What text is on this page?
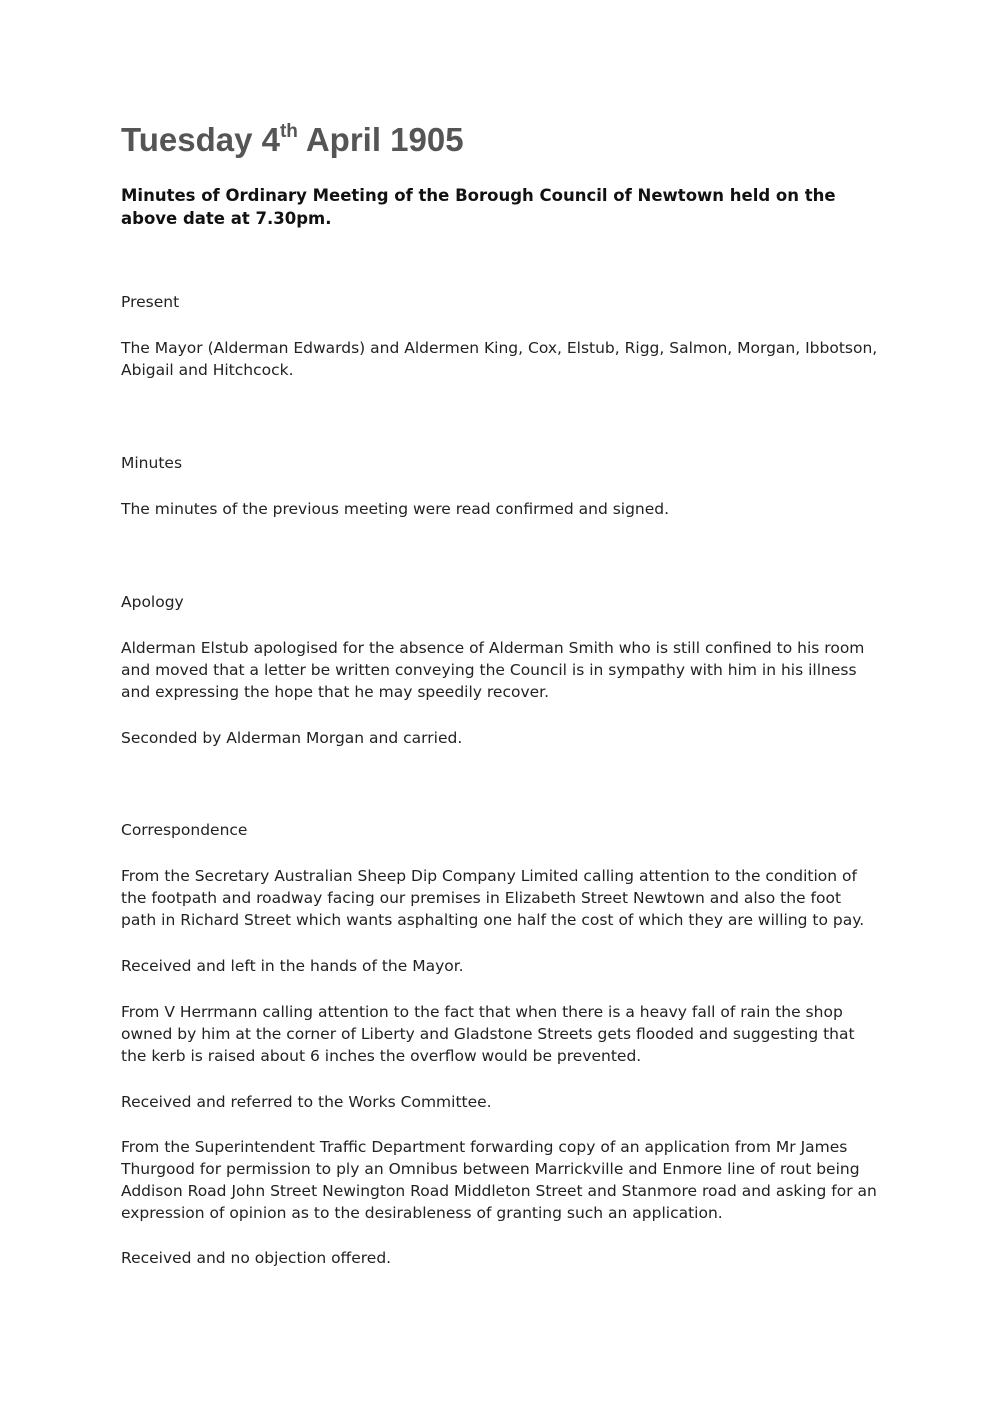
Tuesday 4th April 1905

Minutes of Ordinary Meeting of the Borough Council of Newtown held on the above date at 7.30pm.

Present

The Mayor (Alderman Edwards) and Aldermen King, Cox, Elstub, Rigg, Salmon, Morgan, Ibbotson, Abigail and Hitchcock.

Minutes

The minutes of the previous meeting were read confirmed and signed.

Apology

Alderman Elstub apologised for the absence of Alderman Smith who is still confined to his room and moved that a letter be written conveying the Council is in sympathy with him in his illness and expressing the hope that he may speedily recover.

Seconded by Alderman Morgan and carried.

Correspondence

From the Secretary Australian Sheep Dip Company Limited calling attention to the condition of the footpath and roadway facing our premises in Elizabeth Street Newtown and also the foot path in Richard Street which wants asphalting one half the cost of which they are willing to pay.

Received and left in the hands of the Mayor.

From V Herrmann calling attention to the fact that when there is a heavy fall of rain the shop owned by him at the corner of Liberty and Gladstone Streets gets flooded and suggesting that the kerb is raised about 6 inches the overflow would be prevented.

Received and referred to the Works Committee.

From the Superintendent Traffic Department forwarding copy of an application from Mr James Thurgood for permission to ply an Omnibus between Marrickville and Enmore line of rout being Addison Road John Street Newington Road Middleton Street and Stanmore road and asking for an expression of opinion as to the desirableness of granting such an application.

Received and no objection offered.
